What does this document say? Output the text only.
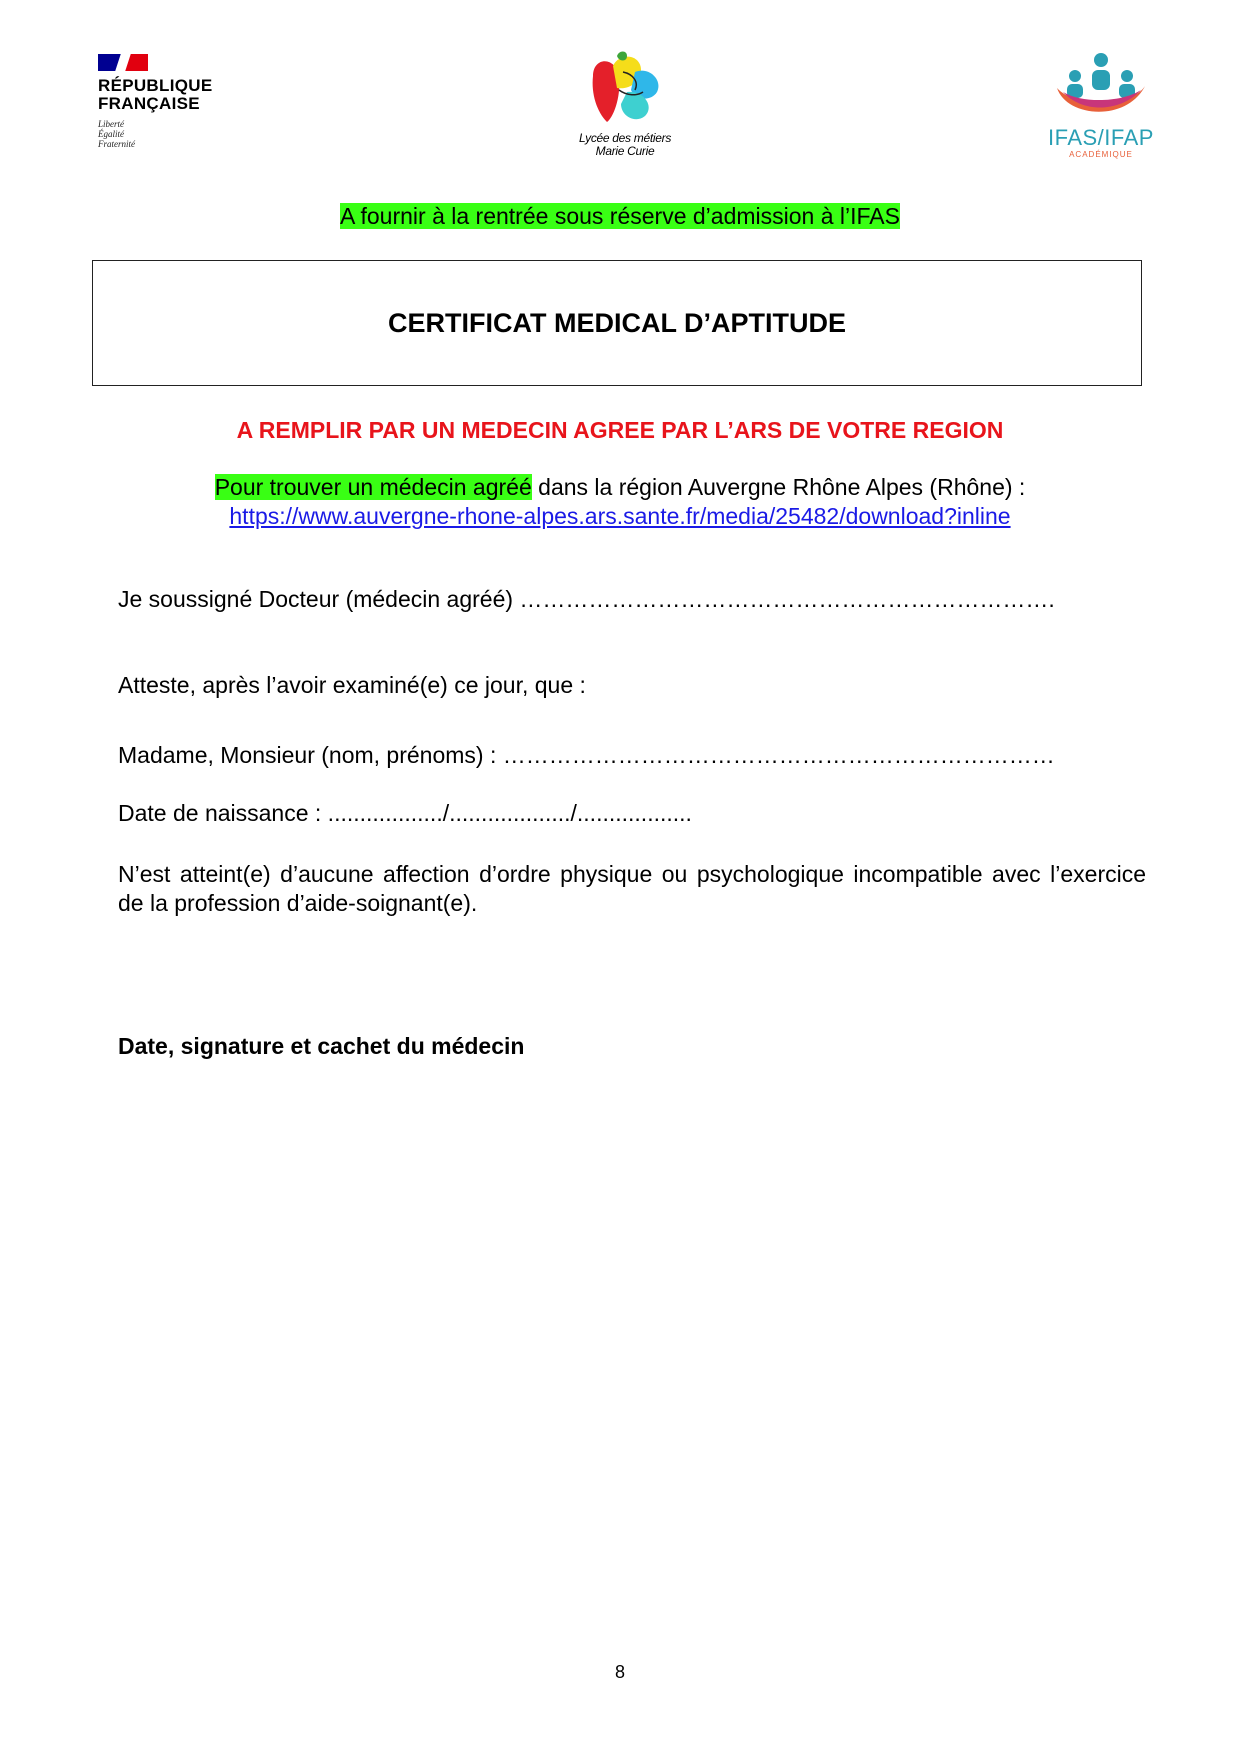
RÉPUBLIQUE
FRANÇAISE
Liberté
Égalité
Fraternité	Lycée des métiers
Marie Curie
IFAS/IFAP
ACADÉMIQUE
A fournir à la rentrée sous réserve d’admission à l’IFAS
CERTIFICAT MEDICAL D’APTITUDE
A REMPLIR PAR UN MEDECIN AGREE PAR L’ARS DE VOTRE REGION
Pour trouver un médecin agréé dans la région Auvergne Rhône Alpes (Rhône) :
https://www.auvergne-rhone-alpes.ars.sante.fr/media/25482/download?inline
Je soussigné Docteur (médecin agréé) …………………………………………………………….
Atteste, après l’avoir examiné(e) ce jour, que :
Madame, Monsieur (nom, prénoms) : ………………………………………………………………
Date de naissance : ................../.................../..................
N’est atteint(e) d’aucune affection d’ordre physique ou psychologique incompatible avec l’exercice de la profession d’aide-soignant(e).
Date, signature et cachet du médecin
8
